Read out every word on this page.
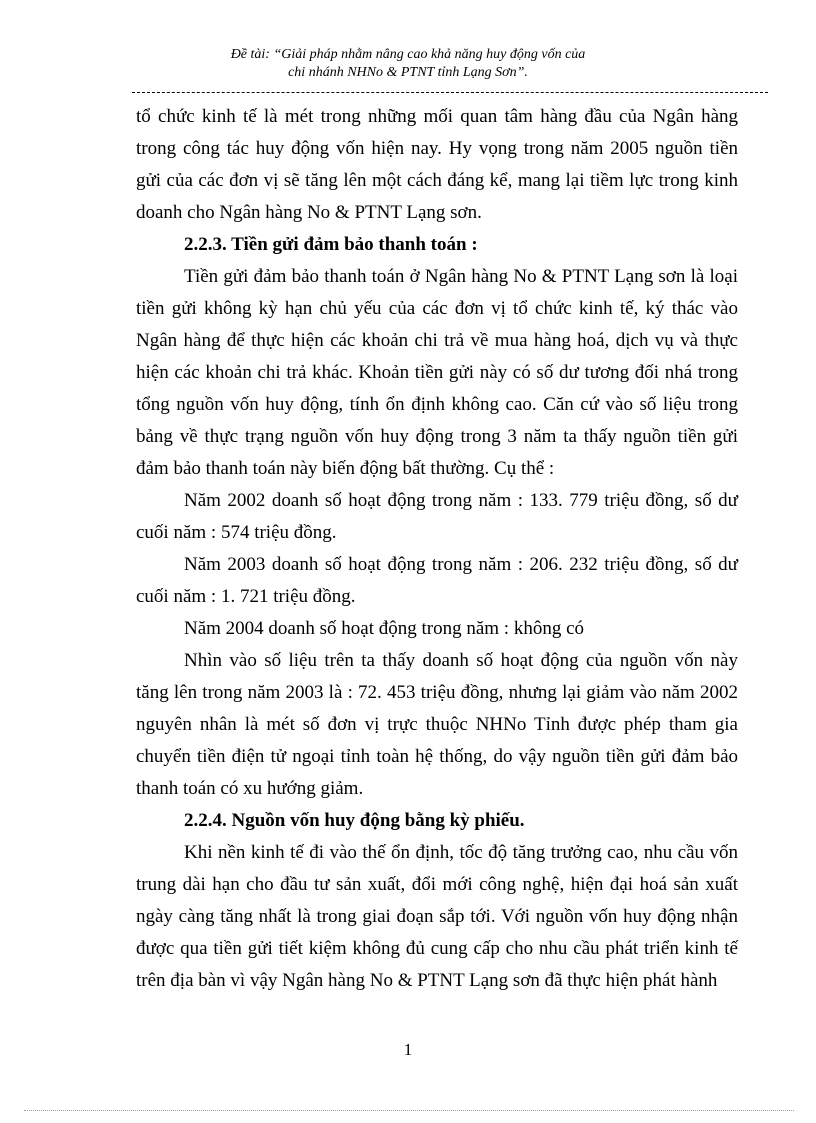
Đề tài: “Giải pháp nhằm nâng cao khả năng huy động vốn của
chi nhánh NHNo & PTNT tỉnh Lạng Sơn”.

tổ chức kinh tế là mét trong những mối quan tâm hàng đầu của Ngân hàng trong công tác huy động vốn hiện nay. Hy vọng trong năm 2005 nguồn tiền gửi của các đơn vị sẽ tăng lên một cách đáng kể, mang lại tiềm lực trong kinh doanh cho Ngân hàng No & PTNT Lạng sơn.

2.2.3. Tiền gửi đảm bảo thanh toán :

Tiền gửi đảm bảo thanh toán ở Ngân hàng No & PTNT Lạng sơn là loại tiền gửi không kỳ hạn chủ yếu của các đơn vị tổ chức kinh tế, ký thác vào Ngân hàng để thực hiện các khoản chi trả về mua hàng hoá, dịch vụ và thực hiện các khoản chi trả khác. Khoản tiền gửi này có số dư tương đối nhá trong tổng nguồn vốn huy động, tính ổn định không cao. Căn cứ vào số liệu trong bảng về thực trạng nguồn vốn huy động trong 3 năm ta thấy nguồn tiền gửi đảm bảo thanh toán này biến động bất thường. Cụ thể :

Năm 2002 doanh số hoạt động trong năm : 133. 779 triệu đồng, số dư cuối năm : 574 triệu đồng.

Năm 2003 doanh số hoạt động trong năm : 206. 232 triệu đồng, số dư cuối năm : 1. 721 triệu đồng.

Năm 2004 doanh số hoạt động trong năm : không có

Nhìn vào số liệu trên ta thấy doanh số hoạt động của nguồn vốn này tăng lên trong năm 2003 là : 72. 453 triệu đồng, nhưng lại giảm vào năm 2002 nguyên nhân là mét số đơn vị trực thuộc NHNo Tỉnh được phép tham gia chuyển tiền điện tử ngoại tỉnh toàn hệ thống, do vậy nguồn tiền gửi đảm bảo thanh toán có xu hướng giảm.

2.2.4. Nguồn vốn huy động bằng kỳ phiếu.

Khi nền kinh tế đi vào thế ổn định, tốc độ tăng trưởng cao, nhu cầu vốn trung dài hạn cho đầu tư sản xuất, đổi mới công nghệ, hiện đại hoá sản xuất ngày càng tăng nhất là trong giai đoạn sắp tới. Với nguồn vốn huy động nhận được qua tiền gửi tiết kiệm không đủ cung cấp cho nhu cầu phát triển kinh tế trên địa bàn vì vậy Ngân hàng No & PTNT Lạng sơn đã thực hiện phát hành

1
